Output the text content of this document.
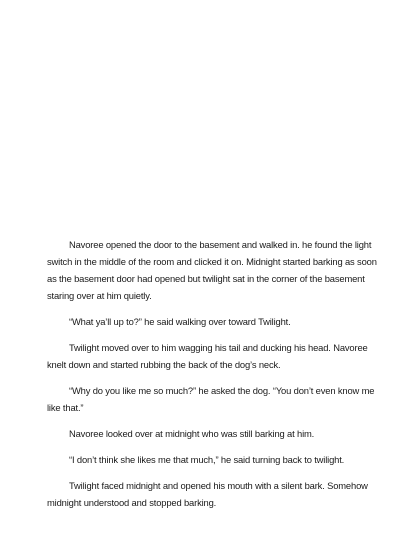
Navoree opened the door to the basement and walked in. he found the light switch in the middle of the room and clicked it on. Midnight started barking as soon as the basement door had opened but twilight sat in the corner of the basement staring over at him quietly.

“What ya’ll up to?” he said walking over toward Twilight.

Twilight moved over to him wagging his tail and ducking his head. Navoree knelt down and started rubbing the back of the dog’s neck.

“Why do you like me so much?” he asked the dog. “You don’t even know me like that.”

Navoree looked over at midnight who was still barking at him.

“I don’t think she likes me that much,” he said turning back to twilight.

Twilight faced midnight and opened his mouth with a silent bark. Somehow midnight understood and stopped barking.
